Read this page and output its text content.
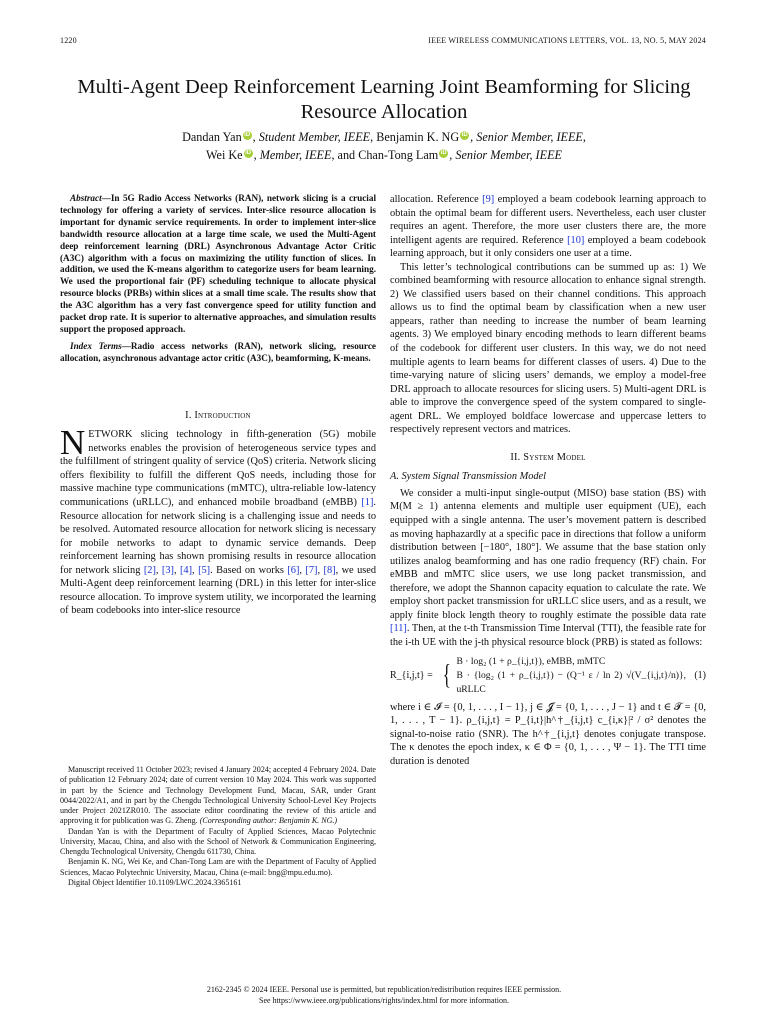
1220	IEEE WIRELESS COMMUNICATIONS LETTERS, VOL. 13, NO. 5, MAY 2024
Multi-Agent Deep Reinforcement Learning Joint Beamforming for Slicing Resource Allocation
Dandan Yan iD , Student Member, IEEE, Benjamin K. NG iD , Senior Member, IEEE,
Wei Ke iD , Member, IEEE, and Chan-Tong Lam iD , Senior Member, IEEE

Abstract—In 5G Radio Access Networks (RAN), network slicing is a crucial technology for offering a variety of services. Inter-slice resource allocation is important for dynamic service requirements. In order to implement inter-slice bandwidth resource allocation at a large time scale, we used the Multi-Agent deep reinforcement learning (DRL) Asynchronous Advantage Actor Critic (A3C) algorithm with a focus on maximizing the utility function of slices. In addition, we used the K-means algorithm to categorize users for beam learning. We used the proportional fair (PF) scheduling technique to allocate physical resource blocks (PRBs) within slices at a small time scale. The results show that the A3C algorithm has a very fast convergence speed for utility function and packet drop rate. It is superior to alternative approaches, and simulation results support the proposed approach.

Index Terms—Radio access networks (RAN), network slicing, resource allocation, asynchronous advantage actor critic (A3C), beamforming, K-means.

I. Introduction

NETWORK slicing technology in fifth-generation (5G) mobile networks enables the provision of heterogeneous service types and the fulfillment of stringent quality of service (QoS) criteria. Network slicing offers flexibility to fulfill the different QoS needs, including those for massive machine type communications (mMTC), ultra-reliable low-latency communications (uRLLC), and enhanced mobile broadband (eMBB) [1]. Resource allocation for network slicing is a challenging issue and needs to be resolved. Automated resource allocation for network slicing is necessary for mobile networks to adapt to dynamic service demands. Deep reinforcement learning has shown promising results in resource allocation for network slicing [2], [3], [4], [5]. Based on works [6], [7], [8], we used Multi-Agent deep reinforcement learning (DRL) in this letter for inter-slice resource allocation. To improve system utility, we incorporated the learning of beam codebooks into inter-slice resource

Manuscript received 11 October 2023; revised 4 January 2024; accepted 4 February 2024. Date of publication 12 February 2024; date of current version 10 May 2024. This work was supported in part by the Science and Technology Development Fund, Macau, SAR, under Grant 0044/2022/A1, and in part by the Chengdu Technological University School-Level Key Projects under Project 2021ZR010. The associate editor coordinating the review of this article and approving it for publication was G. Zheng. (Corresponding author: Benjamin K. NG.)

Dandan Yan is with the Department of Faculty of Applied Sciences, Macao Polytechnic University, Macau, China, and also with the School of Network & Communication Engineering, Chengdu Technological University, Chengdu 611730, China.

Benjamin K. NG, Wei Ke, and Chan-Tong Lam are with the Department of Faculty of Applied Sciences, Macao Polytechnic University, Macau, China (e-mail: bng@mpu.edu.mo).

Digital Object Identifier 10.1109/LWC.2024.3365161

allocation. Reference [9] employed a beam codebook learning approach to obtain the optimal beam for different users. Nevertheless, each user cluster requires an agent. Therefore, the more user clusters there are, the more intelligent agents are required. Reference [10] employed a beam codebook learning approach, but it only considers one user at a time.

This letter’s technological contributions can be summed up as: 1) We combined beamforming with resource allocation to enhance signal strength. 2) We classified users based on their channel conditions. This approach allows us to find the optimal beam by classification when a new user appears, rather than needing to increase the number of beam learning agents. 3) We employed binary encoding methods to learn different beams of the codebook for different user clusters. In this way, we do not need multiple agents to learn beams for different classes of users. 4) Due to the time-varying nature of slicing users’ demands, we employ a model-free DRL approach to allocate resources for slicing users. 5) Multi-agent DRL is able to improve the convergence speed of the system compared to single-agent DRL. We employed boldface lowercase and uppercase letters to respectively represent vectors and matrices.

II. System Model
A. System Signal Transmission Model

We consider a multi-input single-output (MISO) base station (BS) with M(M ≥ 1) antenna elements and multiple user equipment (UE), each equipped with a single antenna. The user’s movement pattern is described as moving haphazardly at a specific pace in directions that follow a uniform distribution between [−180°, 180°]. We assume that the base station only utilizes analog beamforming and has one radio frequency (RF) chain. For eMBB and mMTC slice users, we use long packet transmission, and therefore, we adopt the Shannon capacity equation to calculate the rate. We employ short packet transmission for uRLLC slice users, and as a result, we apply finite block length theory to roughly estimate the possible data rate [11]. Then, at the t-th Transmission Time Interval (TTI), the feasible rate for the i-th UE with the j-th physical resource block (PRB) is stated as follows:

R_{i,j,t} = { B · log₂ (1 + ρ_{i,j,t}), eMBB, mMTC
B · {log₂ (1 + ρ_{i,j,t}) − (Q⁻¹ ε / ln 2) √(V_{i,j,t}/n)}, uRLLC
(1)

where i ∈ 𝓘 = {0, 1, . . . , I − 1}, j ∈ 𝓙 = {0, 1, . . . , J − 1} and t ∈ 𝓣 = {0, 1, . . . , T − 1}. ρ_{i,j,t} = P_{i,t}|h^†_{i,j,t} c_{i,κ}|² / σ² denotes the signal-to-noise ratio (SNR). The h^†_{i,j,t} denotes conjugate transpose. The κ denotes the epoch index, κ ∈ Φ = {0, 1, . . . , Ψ − 1}. The TTI time duration is denoted

2162-2345 © 2024 IEEE. Personal use is permitted, but republication/redistribution requires IEEE permission.
See https://www.ieee.org/publications/rights/index.html for more information.
